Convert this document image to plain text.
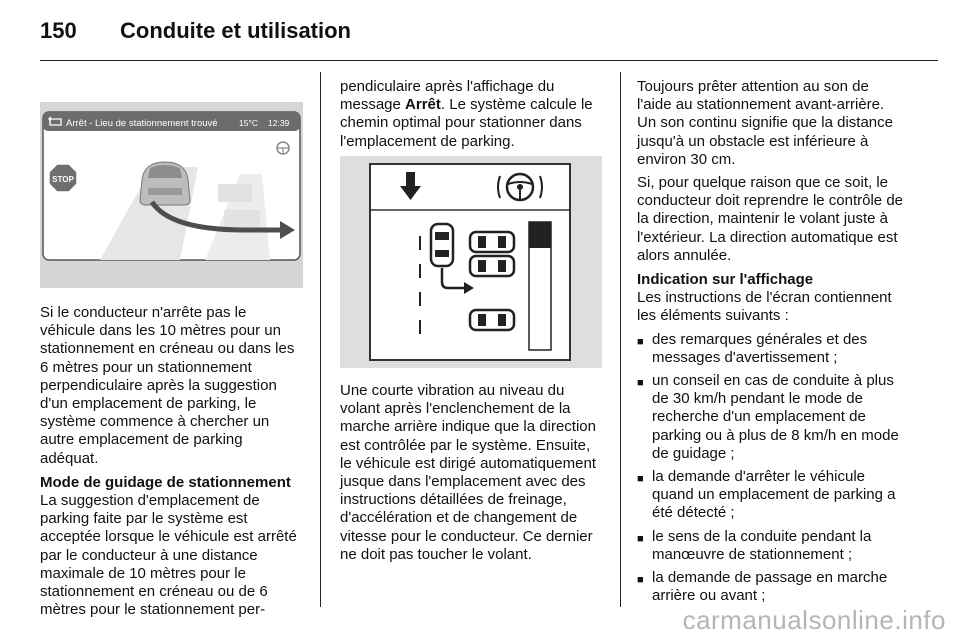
150 Conduite et utilisation
Arrêt - Lieu de stationnement trouvé	15°C 12:39
STOP

Si le conducteur n'arrête pas le véhicule dans les 10 mètres pour un stationnement en créneau ou dans les 6 mètres pour un stationnement perpendiculaire après la suggestion d'un emplacement de parking, le système commence à chercher un autre emplacement de parking adéquat.

Mode de guidage de stationnement

La suggestion d'emplacement de parking faite par le système est acceptée lorsque le véhicule est arrêté par le conducteur à une distance maximale de 10 mètres pour le stationnement en créneau ou de 6 mètres pour le stationnement per-

pendiculaire après l'affichage du message Arrêt. Le système calcule le chemin optimal pour stationner dans l'emplacement de parking.

Une courte vibration au niveau du volant après l'enclenchement de la marche arrière indique que la direction est contrôlée par le système. Ensuite, le véhicule est dirigé automatiquement jusque dans l'emplacement avec des instructions détaillées de freinage, d'accélération et de changement de vitesse pour le conducteur. Ce dernier ne doit pas toucher le volant.

Toujours prêter attention au son de l'aide au stationnement avant-arrière. Un son continu signifie que la distance jusqu'à un obstacle est inférieure à environ 30 cm.

Si, pour quelque raison que ce soit, le conducteur doit reprendre le contrôle de la direction, maintenir le volant juste à l'extérieur. La direction automatique est alors annulée.

Indication sur l'affichage

Les instructions de l'écran contiennent les éléments suivants :

■ des remarques générales et des messages d'avertissement ;
■ un conseil en cas de conduite à plus de 30 km/h pendant le mode de recherche d'un emplacement de parking ou à plus de 8 km/h en mode de guidage ;
■ la demande d'arrêter le véhicule quand un emplacement de parking a été détecté ;
■ le sens de la conduite pendant la manœuvre de stationnement ;
■ la demande de passage en marche arrière ou avant ;
carmanualsonline.info
